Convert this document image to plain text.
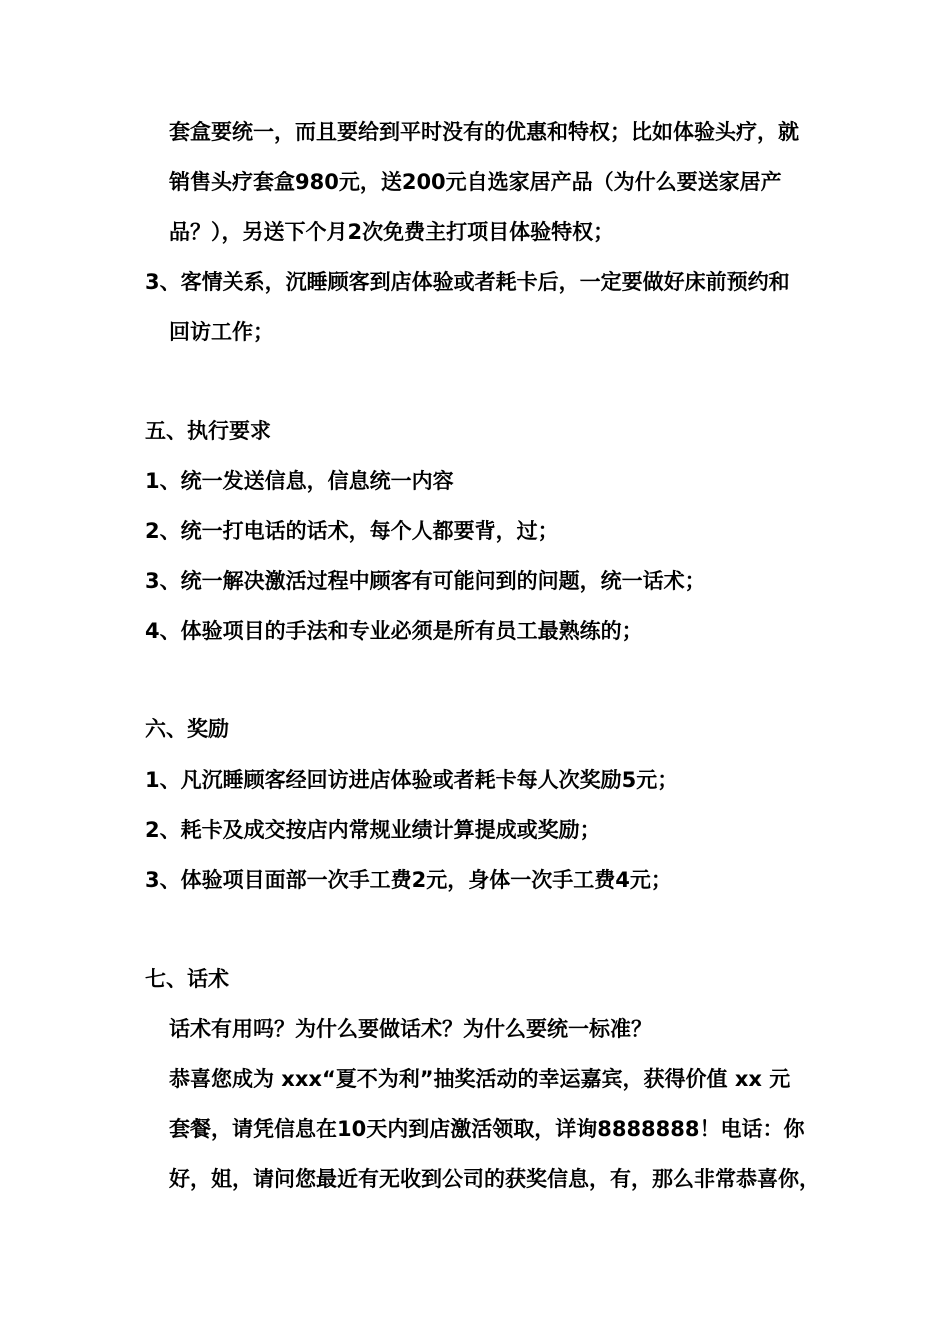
套盒要统一，而且要给到平时没有的优惠和特权；比如体验头疗，就
销售头疗套盒980元，送200元自选家居产品（为什么要送家居产
品？），另送下个月2次免费主打项目体验特权；
3、客情关系，沉睡顾客到店体验或者耗卡后，一定要做好床前预约和
回访工作；
五、执行要求
1、统一发送信息，信息统一内容
2、统一打电话的话术，每个人都要背，过；
3、统一解决激活过程中顾客有可能问到的问题，统一话术；
4、体验项目的手法和专业必须是所有员工最熟练的；
六、奖励
1、凡沉睡顾客经回访进店体验或者耗卡每人次奖励5元；
2、耗卡及成交按店内常规业绩计算提成或奖励；
3、体验项目面部一次手工费2元，身体一次手工费4元；
七、话术
话术有用吗？为什么要做话术？为什么要统一标准？
恭喜您成为 xxx“夏不为利”抽奖活动的幸运嘉宾，获得价值 xx 元
套餐，请凭信息在10天内到店激活领取，详询8888888！电话：你
好，姐，请问您最近有无收到公司的获奖信息，有，那么非常恭喜你，
